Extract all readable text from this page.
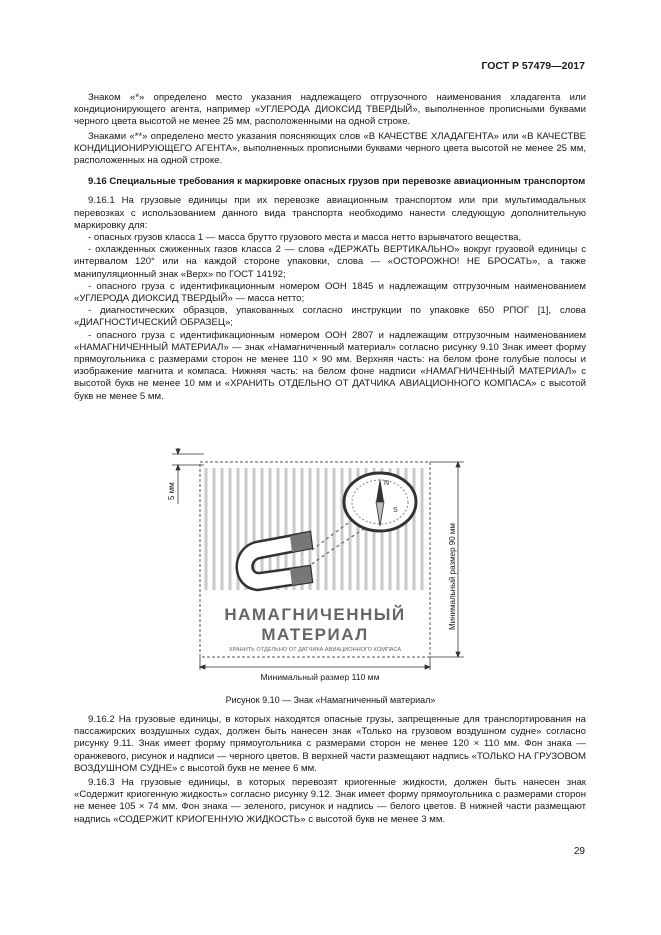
ГОСТ Р 57479—2017

Знаком «*» определено место указания надлежащего отгрузочного наименования хладагента или кондиционирующего агента, например «УГЛЕРОДА ДИОКСИД ТВЕРДЫЙ», выполненное прописными буквами черного цвета высотой не менее 25 мм, расположенными на одной строке.

Знаками «**» определено место указания поясняющих слов «В КАЧЕСТВЕ ХЛАДАГЕНТА» или «В КАЧЕСТВЕ КОНДИЦИОНИРУЮЩЕГО АГЕНТА», выполненных прописными буквами черного цвета высотой не менее 25 мм, расположенных на одной строке.

9.16 Специальные требования к маркировке опасных грузов при перевозке авиационным транспортом

9.16.1 На грузовые единицы при их перевозке авиационным транспортом или при мультимодальных перевозках с использованием данного вида транспорта необходимо нанести следующую дополнительную маркировку для:

- опасных грузов класса 1 — масса брутто грузового места и масса нетто взрывчатого вещества,

- охлажденных сжиженных газов класса 2 — слова «ДЕРЖАТЬ ВЕРТИКАЛЬНО» вокруг грузовой единицы с интервалом 120° или на каждой стороне упаковки, слова — «ОСТОРОЖНО! НЕ БРОСАТЬ», а также манипуляционный знак «Верх» по ГОСТ 14192;

- опасного груза с идентификационным номером ООН 1845 и надлежащим отгрузочным наименованием «УГЛЕРОДА ДИОКСИД ТВЕРДЫЙ» — масса нетто;

- диагностических образцов, упакованных согласно инструкции по упаковке 650 РПОГ [1], слова «ДИАГНОСТИЧЕСКИЙ ОБРАЗЕЦ»;

- опасного груза с идентификационным номером ООН 2807 и надлежащим отгрузочным наименованием «НАМАГНИЧЕННЫЙ МАТЕРИАЛ» — знак «Намагниченный материал» согласно рисунку 9.10 Знак имеет форму прямоугольника с размерами сторон не менее 110 × 90 мм. Верхняя часть: на белом фоне голубые полосы и изображение магнита и компаса. Нижняя часть: на белом фоне надписи «НАМАГНИЧЕННЫЙ МАТЕРИАЛ» с высотой букв не менее 10 мм и «ХРАНИТЬ ОТДЕЛЬНО ОТ ДАТЧИКА АВИАЦИОННОГО КОМПАСА» с высотой букв не менее 5 мм.

N
S
НАМАГНИЧЕННЫЙ
МАТЕРИАЛ
ХРАНИТЬ ОТДЕЛЬНО ОТ ДАТЧИКА АВИАЦИОННОГО КОМПАСА
5 мм
Минимальный размер 90 мм
Минимальный размер 110 мм
Рисунок 9.10 — Знак «Намагниченный материал»

9.16.2 На грузовые единицы, в которых находятся опасные грузы, запрещенные для транспортирования на пассажирских воздушных судах, должен быть нанесен знак «Только на грузовом воздушном судне» согласно рисунку 9.11. Знак имеет форму прямоугольника с размерами сторон не менее 120 × 110 мм. Фон знака — оранжевого, рисунок и надписи — черного цветов. В верхней части размещают надпись «ТОЛЬКО НА ГРУЗОВОМ ВОЗДУШНОМ СУДНЕ» с высотой букв не менее 6 мм.

9.16.3 На грузовые единицы, в которых перевозят криогенные жидкости, должен быть нанесен знак «Содержит криогенную жидкость» согласно рисунку 9.12. Знак имеет форму прямоугольника с размерами сторон не менее 105 × 74 мм. Фон знака — зеленого, рисунок и надпись — белого цветов. В нижней части размещают надпись «СОДЕРЖИТ КРИОГЕННУЮ ЖИДКОСТЬ» с высотой букв не менее 3 мм.

29
